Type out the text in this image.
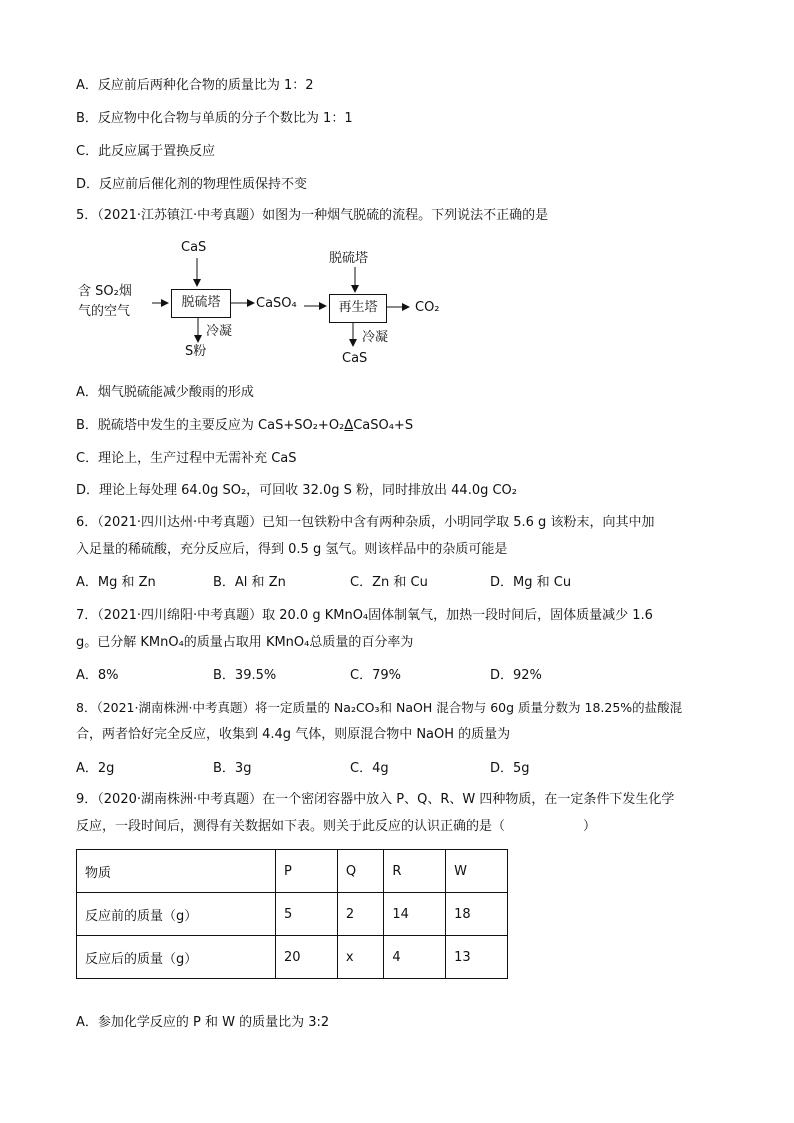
A．反应前后两种化合物的质量比为 1：2
B．反应物中化合物与单质的分子个数比为 1：1
C．此反应属于置换反应
D．反应前后催化剂的物理性质保持不变
5．（2021·江苏镇江·中考真题）如图为一种烟气脱硫的流程。下列说法不正确的是
CaS
含 SO₂烟
气的空气
脱硫塔	CaSO₄
脱硫塔
再生塔	CO₂
冷凝
S粉
冷凝
CaS
A．烟气脱硫能减少酸雨的形成
B．脱硫塔中发生的主要反应为 CaS+SO₂+O₂ΔCaSO₄+S
C．理论上，生产过程中无需补充 CaS
D．理论上每处理 64.0g SO₂，可回收 32.0g S 粉，同时排放出 44.0g CO₂
6．（2021·四川达州·中考真题）已知一包铁粉中含有两种杂质，小明同学取 5.6 g 该粉末，向其中加
入足量的稀硫酸，充分反应后，得到 0.5 g 氢气。则该样品中的杂质可能是
A．Mg 和 Zn	B．Al 和 Zn	C．Zn 和 Cu	D．Mg 和 Cu
7．（2021·四川绵阳·中考真题）取 20.0 g KMnO₄固体制氧气，加热一段时间后，固体质量减少 1.6
g。已分解 KMnO₄的质量占取用 KMnO₄总质量的百分率为
A．8%	B．39.5%	C．79%	D．92%
8．（2021·湖南株洲·中考真题）将一定质量的 Na₂CO₃和 NaOH 混合物与 60g 质量分数为 18.25%的盐酸混
合，两者恰好完全反应，收集到 4.4g 气体，则原混合物中 NaOH 的质量为
A．2g	B．3g	C．4g	D．5g
9．（2020·湖南株洲·中考真题）在一个密闭容器中放入 P、Q、R、W 四种物质，在一定条件下发生化学
反应，一段时间后，测得有关数据如下表。则关于此反应的认识正确的是（　　　　　　）
物质	P	Q	R	W
反应前的质量（g）	5	2	14	18
反应后的质量（g）	20	x	4	13
A．参加化学反应的 P 和 W 的质量比为 3:2
